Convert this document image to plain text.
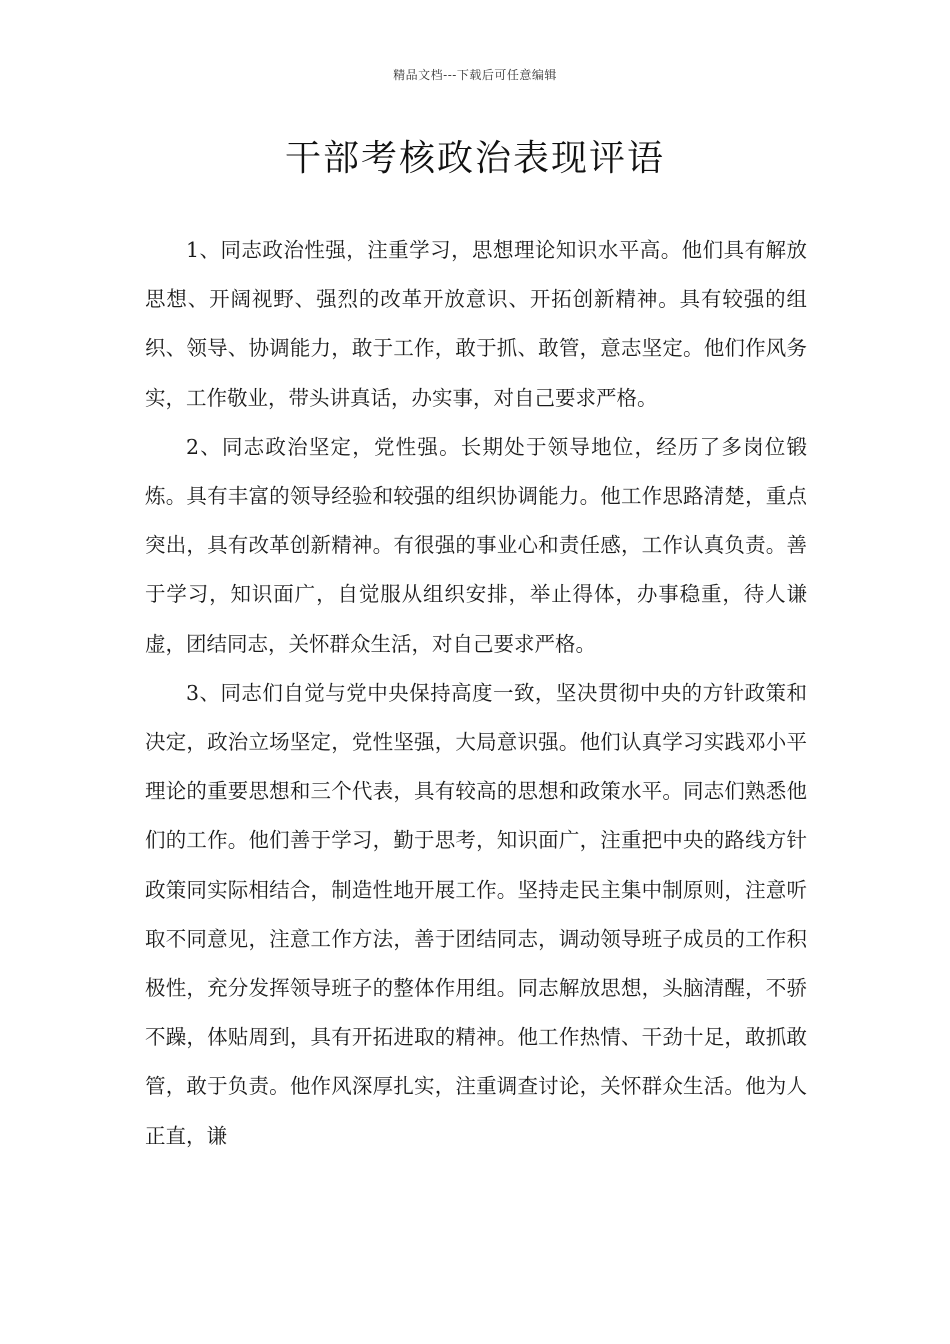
精品文档---下载后可任意编辑
干部考核政治表现评语

1、同志政治性强，注重学习，思想理论知识水平高。他们具有解放思想、开阔视野、强烈的改革开放意识、开拓创新精神。具有较强的组织、领导、协调能力，敢于工作，敢于抓、敢管，意志坚定。他们作风务实，工作敬业，带头讲真话，办实事，对自己要求严格。

2、同志政治坚定，党性强。长期处于领导地位，经历了多岗位锻炼。具有丰富的领导经验和较强的组织协调能力。他工作思路清楚，重点突出，具有改革创新精神。有很强的事业心和责任感，工作认真负责。善于学习，知识面广，自觉服从组织安排，举止得体，办事稳重，待人谦虚，团结同志，关怀群众生活，对自己要求严格。

3、同志们自觉与党中央保持高度一致，坚决贯彻中央的方针政策和决定，政治立场坚定，党性坚强，大局意识强。他们认真学习实践邓小平理论的重要思想和三个代表，具有较高的思想和政策水平。同志们熟悉他们的工作。他们善于学习，勤于思考，知识面广，注重把中央的路线方针政策同实际相结合，制造性地开展工作。坚持走民主集中制原则，注意听取不同意见，注意工作方法，善于团结同志，调动领导班子成员的工作积极性，充分发挥领导班子的整体作用组。同志解放思想，头脑清醒，不骄不躁，体贴周到，具有开拓进取的精神。他工作热情、干劲十足，敢抓敢管，敢于负责。他作风深厚扎实，注重调查讨论，关怀群众生活。他为人正直，谦
